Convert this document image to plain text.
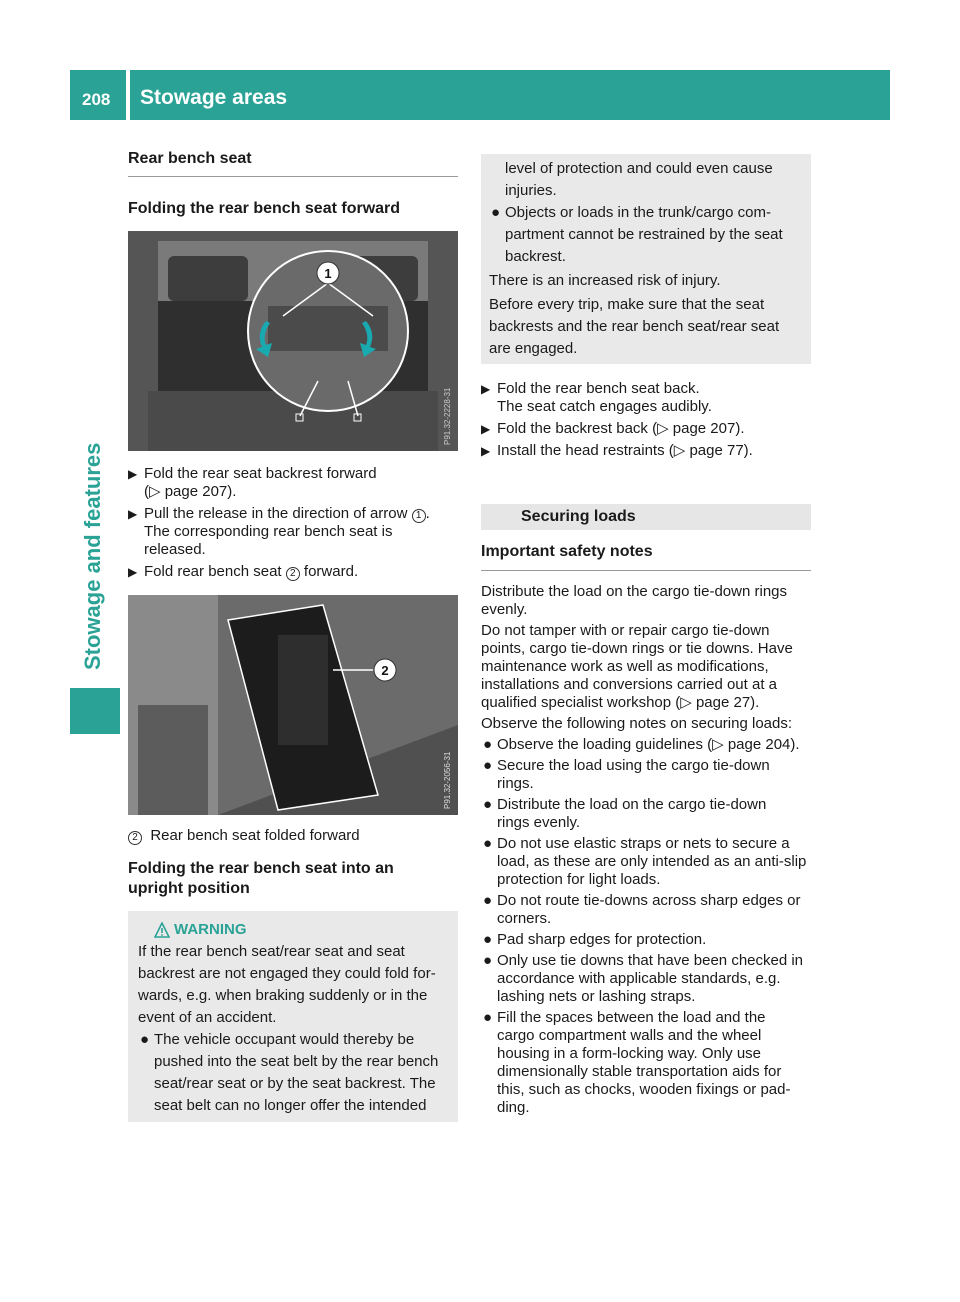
208 Stowage areas
Stowage and features
Rear bench seat
Folding the rear bench seat forward
1
P91.32-2228-31
▶ Fold the rear seat backrest forward
(▷ page 207).
▶ Pull the release in the direction of arrow 1 .
The corresponding rear bench seat is
released.
▶ Fold rear bench seat 2 forward.
2
P91.32-2056-31

2 Rear bench seat folded forward

Folding the rear bench seat into an
upright position
WARNING

If the rear bench seat/rear seat and seat
backrest are not engaged they could fold for-
wards, e.g. when braking suddenly or in the
event of an accident.

● The vehicle occupant would thereby be
pushed into the seat belt by the rear bench
seat/rear seat or by the seat backrest. The
seat belt can no longer offer the intended
level of protection and could even cause
injuries.
● Objects or loads in the trunk/cargo com-
partment cannot be restrained by the seat
backrest.

There is an increased risk of injury.

Before every trip, make sure that the seat
backrests and the rear bench seat/rear seat
are engaged.

▶ Fold the rear bench seat back.
The seat catch engages audibly.
▶ Fold the backrest back (▷ page 207).
▶ Install the head restraints (▷ page 77).
Securing loads
Important safety notes

Distribute the load on the cargo tie-down rings
evenly.

Do not tamper with or repair cargo tie-down
points, cargo tie-down rings or tie downs. Have
maintenance work as well as modifications,
installations and conversions carried out at a
qualified specialist workshop (▷ page 27).

Observe the following notes on securing loads:

● Observe the loading guidelines (▷ page 204).
● Secure the load using the cargo tie-down
rings.
● Distribute the load on the cargo tie-down
rings evenly.
● Do not use elastic straps or nets to secure a
load, as these are only intended as an anti-slip
protection for light loads.
● Do not route tie-downs across sharp edges or
corners.
● Pad sharp edges for protection.
● Only use tie downs that have been checked in
accordance with applicable standards, e.g.
lashing nets or lashing straps.
● Fill the spaces between the load and the
cargo compartment walls and the wheel
housing in a form-locking way. Only use
dimensionally stable transportation aids for
this, such as chocks, wooden fixings or pad-
ding.
